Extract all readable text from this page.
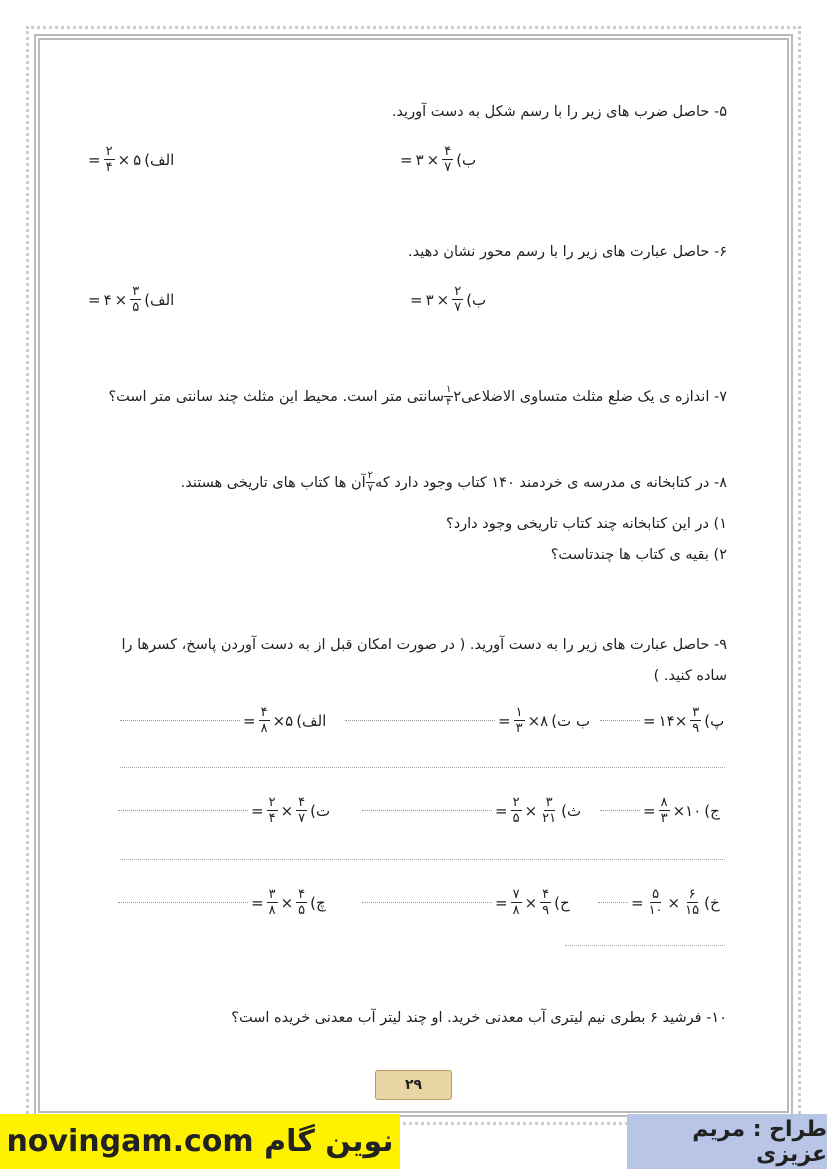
۵- حاصل ضرب های زیر را با رسم شکل به دست آورید.
الف)
۵
×
$\frac{۲}{۴}$
=	ب)
$\frac{۴}{۷}$
×
۳
=
۶- حاصل عبارت های زیر را با رسم محور نشان دهید.
الف)
$\frac{۳}{۵}$
×
۴
=	ب)
$\frac{۲}{۷}$
×
۳
=
۷- اندازه ی یک ضلع مثلث متساوی الاضلاعی
۲
$\frac{۱}{۴}$
سانتی متر است. محیط این مثلث چند سانتی متر است؟
۸- در کتابخانه ی مدرسه ی خردمند ۱۴۰ کتاب وجود دارد که
$\frac{۲}{۷}$
آن ها کتاب های تاریخی هستند.
۱) در این کتابخانه چند کتاب تاریخی وجود دارد؟
۲) بقیه ی کتاب ها چندتاست؟
۹- حاصل عبارت های زیر را به دست آورید. ( در صورت امکان قبل از به دست آوردن پاسخ، کسرها را ساده کنید. )
الف)
۵×
$\frac{۴}{۸}$
=	ب ت)
۸×
$\frac{۱}{۳}$
=	پ)
$\frac{۳}{۹}$
×۱۴
=
ت)
$\frac{۴}{۷}$
×
$\frac{۲}{۴}$
=	ث)
$\frac{۳}{۲۱}$
×
$\frac{۲}{۵}$
=	ج)
۱۰×
$\frac{۸}{۳}$
=
چ)
$\frac{۴}{۵}$
×
$\frac{۳}{۸}$
=	ح)
$\frac{۴}{۹}$
×
$\frac{۷}{۸}$
=	خ)
$\frac{۶}{۱۵}$
×
$\frac{۵}{۱۰}$
=
۱۰- فرشید ۶ بطری نیم لیتری آب معدنی خرید. او چند لیتر آب معدنی خریده است؟
۲۹
novingam.com نوین گام	طراح : مریم عزیزی
